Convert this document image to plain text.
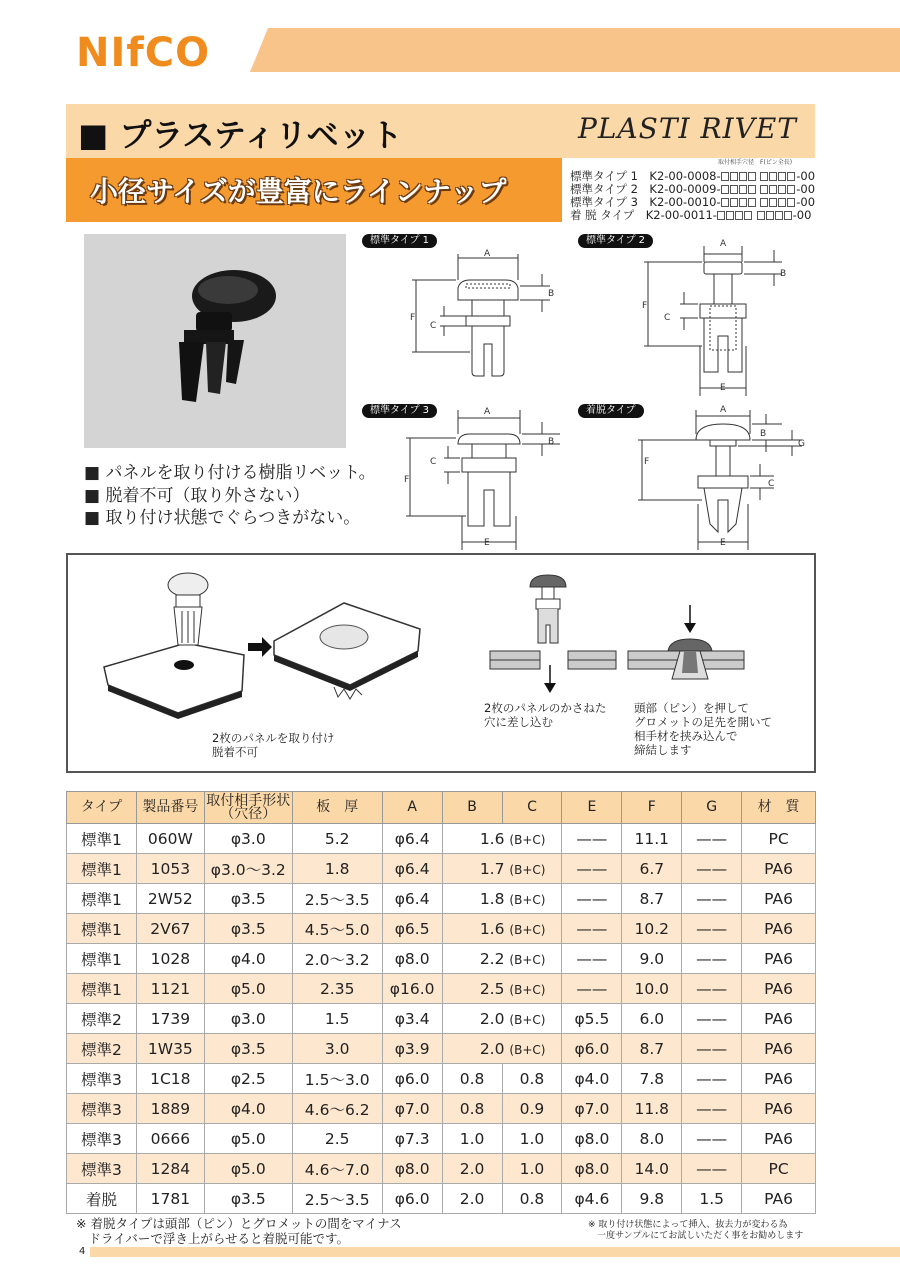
NIfCO
■ プラスティリベット	PLASTI RIVET
小径サイズが豊富にラインナップ
取付相手穴径　F(ピン全長)
標準タイプ 1　 K2-00-0008-	-00
標準タイプ 2　 K2-00-0009-	-00
標準タイプ 3　 K2-00-0010-	-00
着 脱 タイプ　 K2-00-0011-	-00
■ パネルを取り付ける樹脂リベット。
■ 脱着不可（取り外さない）
■ 取り付け状態でぐらつきがない。
標準タイプ 1	標準タイプ 2
標準タイプ 3	着脱タイプ
A
B
F
C
A
B
F
C
E
A
B
F
C
E
A
B
G
F
C
E
2枚のパネルを取り付け
脱着不可
2枚のパネルのかさねた
穴に差し込む
頭部（ピン）を押して
グロメットの足先を開いて
相手材を挟み込んで
締結します
タイプ	製品番号	取付相手形状
（穴径）	板　厚	A	B	C	E	F	G	材　質
標準1	060W	φ3.0	5.2	φ6.4	1.6 (B+C)		——	11.1	——	PC
標準1	1053	φ3.0〜3.2	1.8	φ6.4	1.7 (B+C)		——	6.7	——	PA6
標準1	2W52	φ3.5	2.5〜3.5	φ6.4	1.8 (B+C)		——	8.7	——	PA6
標準1	2V67	φ3.5	4.5〜5.0	φ6.5	1.6 (B+C)		——	10.2	——	PA6
標準1	1028	φ4.0	2.0〜3.2	φ8.0	2.2 (B+C)		——	9.0	——	PA6
標準1	1121	φ5.0	2.35	φ16.0	2.5 (B+C)		——	10.0	——	PA6
標準2	1739	φ3.0	1.5	φ3.4	2.0 (B+C)		φ5.5	6.0	——	PA6
標準2	1W35	φ3.5	3.0	φ3.9	2.0 (B+C)		φ6.0	8.7	——	PA6
標準3	1C18	φ2.5	1.5〜3.0	φ6.0	0.8	0.8	φ4.0	7.8	——	PA6
標準3	1889	φ4.0	4.6〜6.2	φ7.0	0.8	0.9	φ7.0	11.8	——	PA6
標準3	0666	φ5.0	2.5	φ7.3	1.0	1.0	φ8.0	8.0	——	PA6
標準3	1284	φ5.0	4.6〜7.0	φ8.0	2.0	1.0	φ8.0	14.0	——	PC
着脱	1781	φ3.5	2.5〜3.5	φ6.0	2.0	0.8	φ4.6	9.8	1.5	PA6
※ 着脱タイプは頭部（ピン）とグロメットの間をマイナス
　ドライバーで浮き上がらせると着脱可能です。
※ 取り付け状態によって挿入、抜去力が変わる為
　一度サンプルにてお試しいただく事をお勧めします
4
